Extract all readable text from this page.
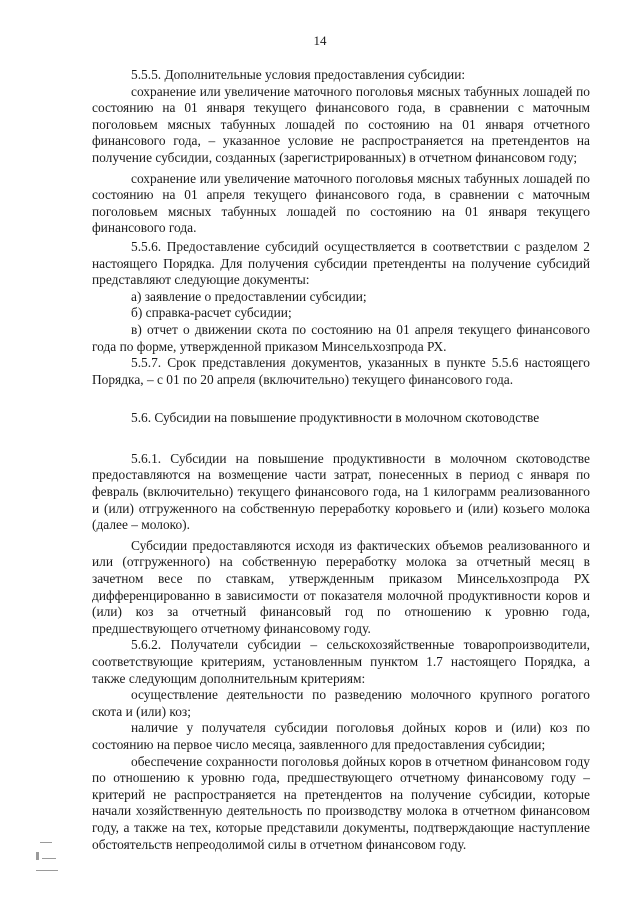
14

5.5.5. Дополнительные условия предоставления субсидии:

сохранение или увеличение маточного поголовья мясных табунных лошадей по состоянию на 01 января текущего финансового года, в сравнении с маточным поголовьем мясных табунных лошадей по состоянию на 01 января отчетного финансового года, – указанное условие не распространяется на претендентов на получение субсидии, созданных (зарегистрированных) в отчетном финансовом году;

сохранение или увеличение маточного поголовья мясных табунных лошадей по состоянию на 01 апреля текущего финансового года, в сравнении с маточным поголовьем мясных табунных лошадей по состоянию на 01 января текущего финансового года.

5.5.6. Предоставление субсидий осуществляется в соответствии с разделом 2 настоящего Порядка. Для получения субсидии претенденты на получение субсидий представляют следующие документы:

а) заявление о предоставлении субсидии;

б) справка-расчет субсидии;

в) отчет о движении скота по состоянию на 01 апреля текущего финансового года по форме, утвержденной приказом Минсельхозпрода РХ.

5.5.7. Срок представления документов, указанных в пункте 5.5.6 настоящего Порядка, – с 01 по 20 апреля (включительно) текущего финансового года.

5.6. Субсидии на повышение продуктивности в молочном скотоводстве

5.6.1. Субсидии на повышение продуктивности в молочном скотоводстве предоставляются на возмещение части затрат, понесенных в период с января по февраль (включительно) текущего финансового года, на 1 килограмм реализованного и (или) отгруженного на собственную переработку коровьего и (или) козьего молока (далее – молоко).

Субсидии предоставляются исходя из фактических объемов реализованного и или (отгруженного) на собственную переработку молока за отчетный месяц в зачетном весе по ставкам, утвержденным приказом Минсельхозпрода РХ дифференцированно в зависимости от показателя молочной продуктивности коров и (или) коз за отчетный финансовый год по отношению к уровню года, предшествующего отчетному финансовому году.

5.6.2. Получатели субсидии – сельскохозяйственные товаропроизводители, соответствующие критериям, установленным пунктом 1.7 настоящего Порядка, а также следующим дополнительным критериям:

осуществление деятельности по разведению молочного крупного рогатого скота и (или) коз;

наличие у получателя субсидии поголовья дойных коров и (или) коз по состоянию на первое число месяца, заявленного для предоставления субсидии;

обеспечение сохранности поголовья дойных коров в отчетном финансовом году по отношению к уровню года, предшествующего отчетному финансовому году – критерий не распространяется на претендентов на получение субсидии, которые начали хозяйственную деятельность по производству молока в отчетном финансовом году, а также на тех, которые представили документы, подтверждающие наступление обстоятельств непреодолимой силы в отчетном финансовом году.
